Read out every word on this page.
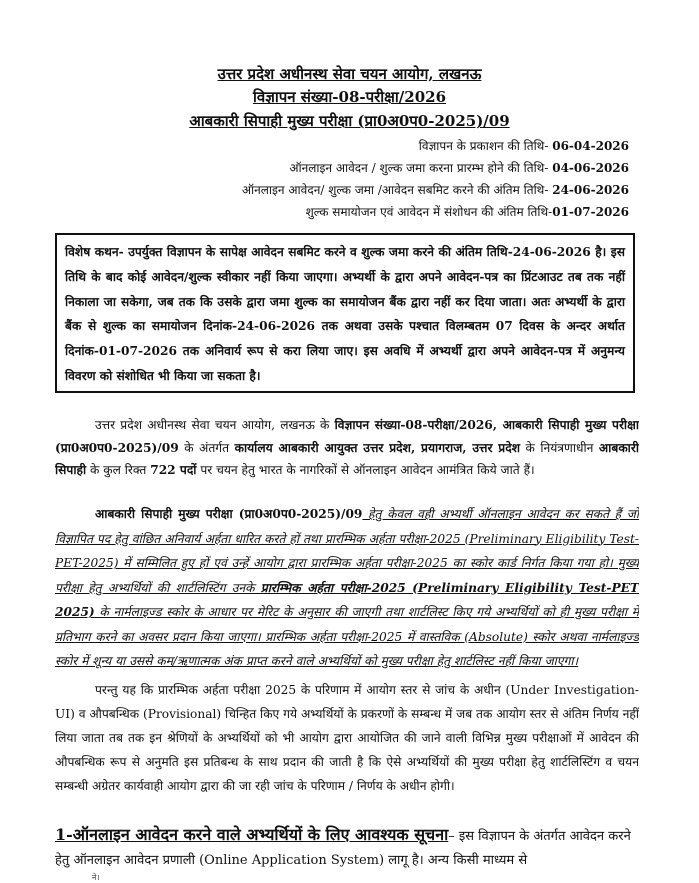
उत्तर प्रदेश अधीनस्थ सेवा चयन आयोग, लखनऊ
विज्ञापन संख्या-08-परीक्षा/2026
आबकारी सिपाही मुख्य परीक्षा (प्रा0अ0प0-2025)/09
विज्ञापन के प्रकाशन की तिथि- 06-04-2026
ऑनलाइन आवेदन / शुल्क जमा करना प्रारम्भ होने की तिथि- 04-06-2026
ऑनलाइन आवेदन/ शुल्क जमा /आवेदन सबमिट करने की अंतिम तिथि- 24-06-2026
शुल्क समायोजन एवं आवेदन में संशोधन की अंतिम तिथि-01-07-2026
विशेष कथन- उपर्युक्त विज्ञापन के सापेक्ष आवेदन सबमिट करने व शुल्क जमा करने की अंतिम तिथि-24-06-2026 है। इस तिथि के बाद कोई आवेदन/शुल्क स्वीकार नहीं किया जाएगा। अभ्यर्थी के द्वारा अपने आवेदन-पत्र का प्रिंटआउट तब तक नहीं निकाला जा सकेगा, जब तक कि उसके द्वारा जमा शुल्क का समायोजन बैंक द्वारा नहीं कर दिया जाता। अतः अभ्यर्थी के द्वारा बैंक से शुल्क का समायोजन दिनांक-24-06-2026 तक अथवा उसके पश्चात विलम्बतम 07 दिवस के अन्दर अर्थात दिनांक-01-07-2026 तक अनिवार्य रूप से करा लिया जाए। इस अवधि में अभ्यर्थी द्वारा अपने आवेदन-पत्र में अनुमन्य विवरण को संशोधित भी किया जा सकता है।
उत्तर प्रदेश अधीनस्थ सेवा चयन आयोग, लखनऊ के विज्ञापन संख्या-08-परीक्षा/2026, आबकारी सिपाही मुख्य परीक्षा (प्रा0अ0प0-2025)/09 के अंतर्गत कार्यालय आबकारी आयुक्त उत्तर प्रदेश, प्रयागराज, उत्तर प्रदेश के नियंत्रणाधीन आबकारी सिपाही के कुल रिक्त 722 पदों पर चयन हेतु भारत के नागरिकों से ऑनलाइन आवेदन आमंत्रित किये जाते हैं।
आबकारी सिपाही मुख्य परीक्षा (प्रा0अ0प0-2025)/09 हेतु केवल वही अभ्यर्थी ऑनलाइन आवेदन कर सकते हैं जो विज्ञापित पद हेतु वांछित अनिवार्य अर्हता धारित करते हों तथा प्रारम्भिक अर्हता परीक्षा-2025 (Preliminary Eligibility Test- PET-2025) में सम्मिलित हुए हों एवं उन्हें आयोग द्वारा प्रारम्भिक अर्हता परीक्षा-2025 का स्कोर कार्ड निर्गत किया गया हो। मुख्य परीक्षा हेतु अभ्यर्थियों की शार्टलिस्टिंग उनके प्रारम्भिक अर्हता परीक्षा-2025 (Preliminary Eligibility Test-PET 2025) के नार्मलाइज्ड स्कोर के आधार पर मेरिट के अनुसार की जाएगी तथा शार्टलिस्ट किए गये अभ्यर्थियों को ही मुख्य परीक्षा में प्रतिभाग करने का अवसर प्रदान किया जाएगा। प्रारम्भिक अर्हता परीक्षा-2025 में वास्तविक (Absolute) स्कोर अथवा नार्मलाइज्ड स्कोर में शून्य या उससे कम/ऋणात्मक अंक प्राप्त करने वाले अभ्यर्थियों को मुख्य परीक्षा हेतु शार्टलिस्ट नहीं किया जाएगा।
परन्तु यह कि प्रारम्भिक अर्हता परीक्षा 2025 के परिणाम में आयोग स्तर से जांच के अधीन (Under Investigation-UI) व औपबन्धिक (Provisional) चिन्हित किए गये अभ्यर्थियों के प्रकरणों के सम्बन्ध में जब तक आयोग स्तर से अंतिम निर्णय नहीं लिया जाता तब तक इन श्रेणियों के अभ्यर्थियों को भी आयोग द्वारा आयोजित की जाने वाली विभिन्न मुख्य परीक्षाओं में आवेदन की औपबन्धिक रूप से अनुमति इस प्रतिबन्ध के साथ प्रदान की जाती है कि ऐसे अभ्यर्थियों की मुख्य परीक्षा हेतु शार्टलिस्टिंग व चयन सम्बन्धी अग्रेतर कार्यवाही आयोग द्वारा की जा रही जांच के परिणाम / निर्णय के अधीन होगी।
1-ऑनलाइन आवेदन करने वाले अभ्यर्थियों के लिए आवश्यक सूचना– इस विज्ञापन के अंतर्गत आवेदन करने हेतु ऑनलाइन आवेदन प्रणाली (Online Application System) लागू है। अन्य किसी माध्यम से
ने।
